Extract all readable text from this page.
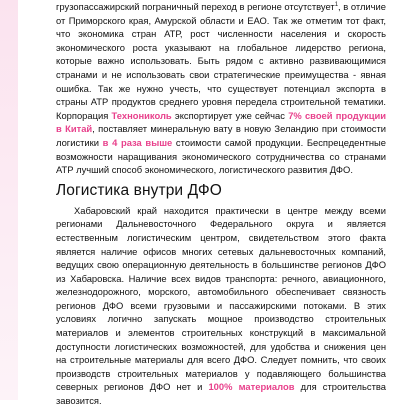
грузопассажирский пограничный переход в регионе отсутствует$^1$, в отличие от Приморского края, Амурской области и ЕАО. Так же отметим тот факт, что экономика стран АТР, рост численности населения и скорость экономического роста указывают на глобальное лидерство региона, которые важно использовать. Быть рядом с активно развивающимися странами и не использовать свои стратегические преимущества - явная ошибка. Так же нужно учесть, что существует потенциал экспорта в страны АТР продуктов среднего уровня передела строительной тематики. Корпорация Технониколь экспортирует уже сейчас 7% своей продукции в Китай, поставляет минеральную вату в новую Зеландию при стоимости логистики в 4 раза выше стоимости самой продукции. Беспрецедентные возможности наращивания экономического сотрудничества со странами АТР лучший способ экономического, логистического развития ДФО.

Логистика внутри ДФО

Хабаровский край находится практически в центре между всеми регионами Дальневосточного Федерального округа и является естественным логистическим центром, свидетельством этого факта является наличие офисов многих сетевых дальневосточных компаний, ведущих свою операционную деятельность в большинстве регионов ДФО из Хабаровска. Наличие всех видов транспорта: речного, авиационного, железнодорожного, морского, автомобильного обеспечивает связность регионов ДФО всеми грузовыми и пассажирскими потоками. В этих условиях логично запускать мощное производство строительных материалов и элементов строительных конструкций в максимальной доступности логистических возможностей, для удобства и снижения цен на строительные материалы для всего ДФО. Следует помнить, что своих производств строительных материалов у подавляющего большинства северных регионов ДФО нет и 100% материалов для строительства завозится.
